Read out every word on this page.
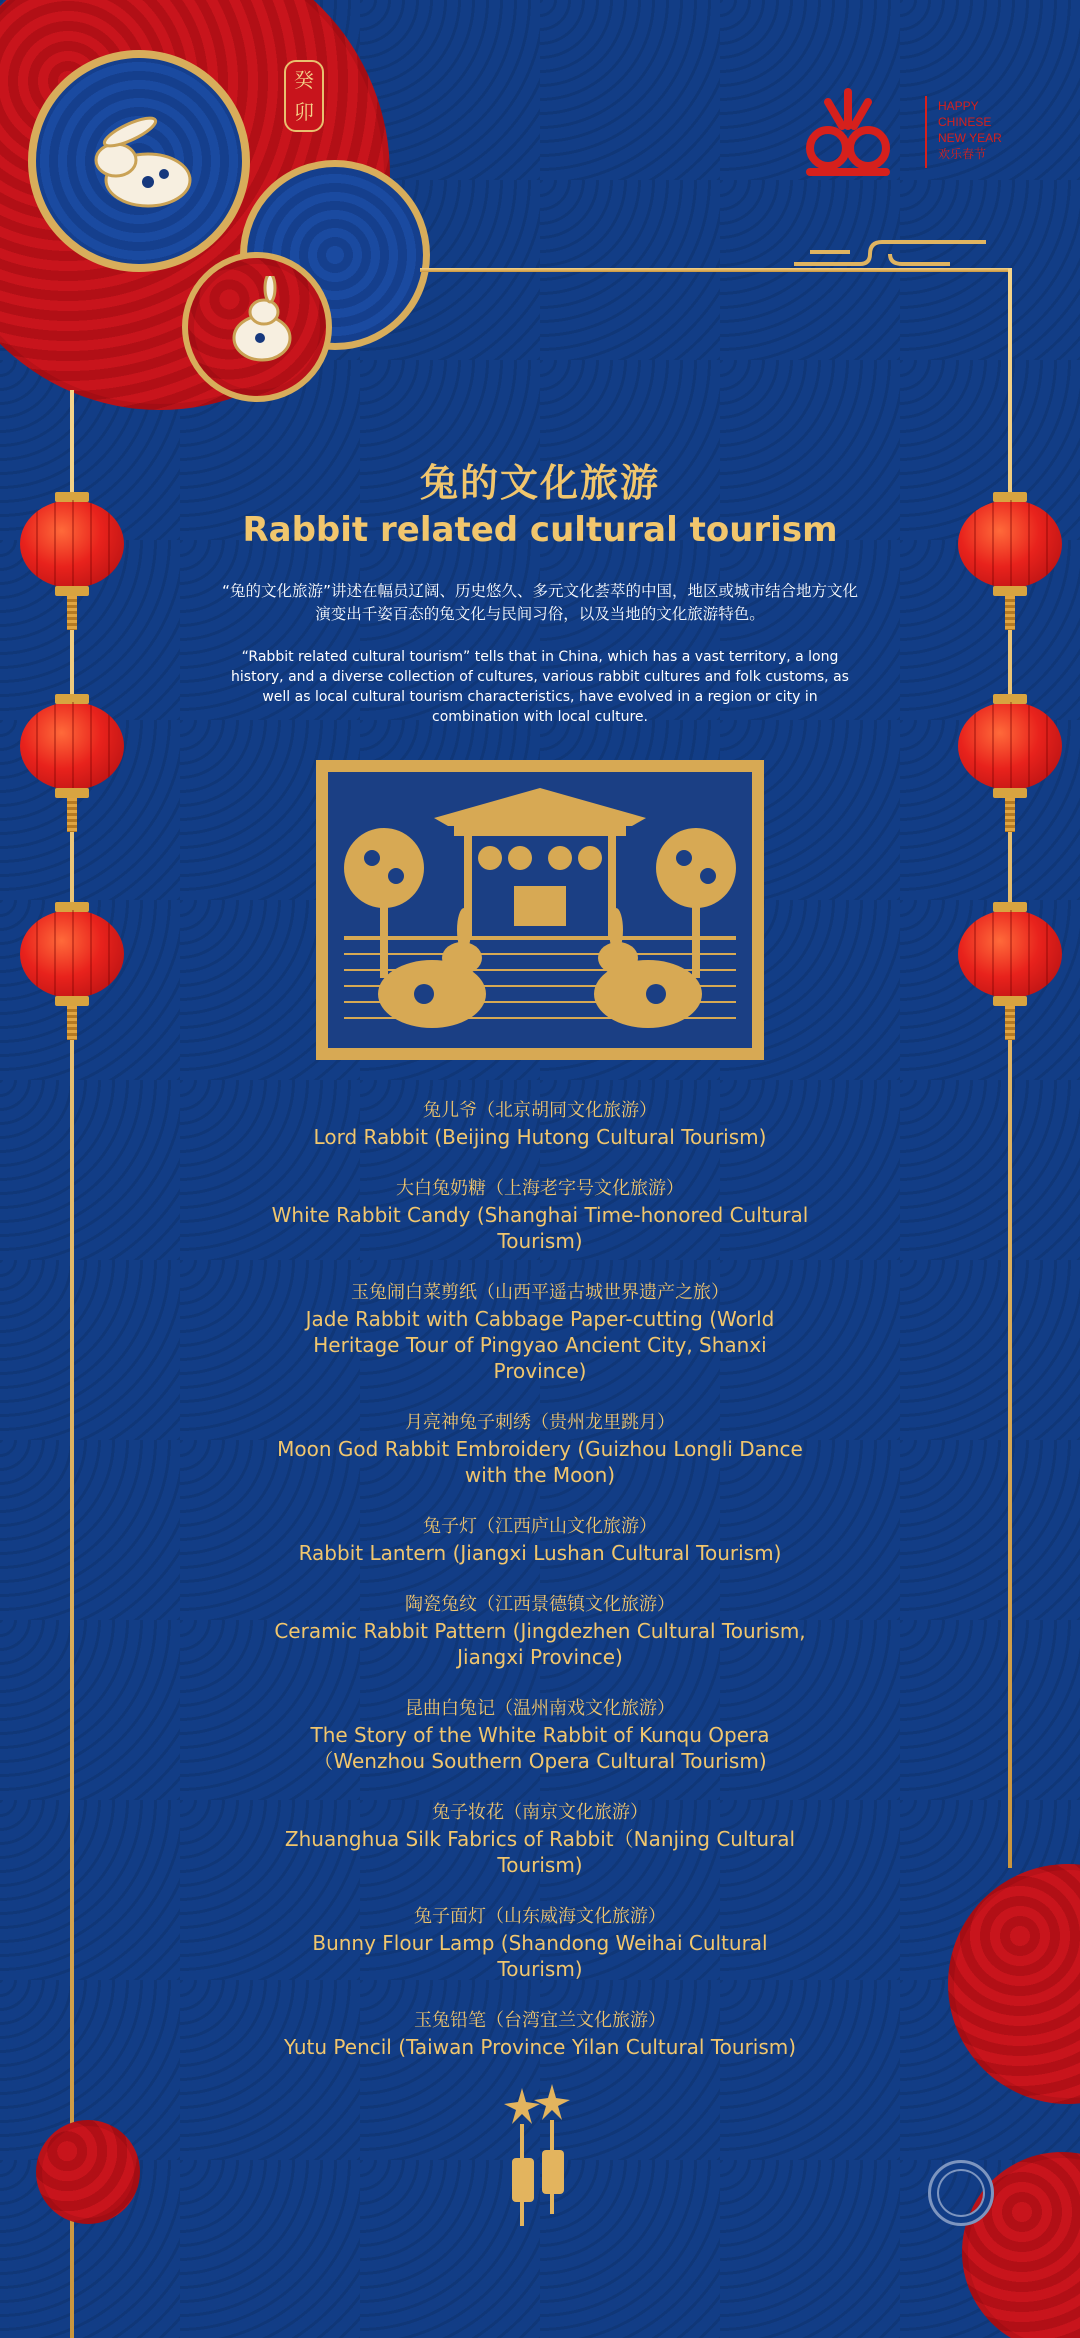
癸卯	HAPPY
CHINESE
NEW YEAR
欢乐春节
兔的文化旅游
Rabbit related cultural tourism
“兔的文化旅游”讲述在幅员辽阔、历史悠久、多元文化荟萃的中国，地区或城市结合地方文化演变出千姿百态的兔文化与民间习俗，以及当地的文化旅游特色。
“Rabbit related cultural tourism” tells that in China, which has a vast territory, a long history, and a diverse collection of cultures, various rabbit cultures and folk customs, as well as local cultural tourism characteristics, have evolved in a region or city in combination with local culture.
兔儿爷（北京胡同文化旅游）
Lord Rabbit (Beijing Hutong Cultural Tourism)
大白兔奶糖（上海老字号文化旅游）
White Rabbit Candy (Shanghai Time-honored Cultural Tourism)
玉兔闹白菜剪纸（山西平遥古城世界遗产之旅）
Jade Rabbit with Cabbage Paper-cutting (World Heritage Tour of Pingyao Ancient City, Shanxi Province)
月亮神兔子刺绣（贵州龙里跳月）
Moon God Rabbit Embroidery (Guizhou Longli Dance with the Moon)
兔子灯（江西庐山文化旅游）
Rabbit Lantern (Jiangxi Lushan Cultural Tourism)
陶瓷兔纹（江西景德镇文化旅游）
Ceramic Rabbit Pattern (Jingdezhen Cultural Tourism, Jiangxi Province)
昆曲白兔记（温州南戏文化旅游）
The Story of the White Rabbit of Kunqu Opera（Wenzhou Southern Opera Cultural Tourism)
兔子妆花（南京文化旅游）
Zhuanghua Silk Fabrics of Rabbit（Nanjing Cultural Tourism)
兔子面灯（山东威海文化旅游）
Bunny Flour Lamp (Shandong Weihai Cultural Tourism)
玉兔铅笔（台湾宜兰文化旅游）
Yutu Pencil (Taiwan Province Yilan Cultural Tourism)
